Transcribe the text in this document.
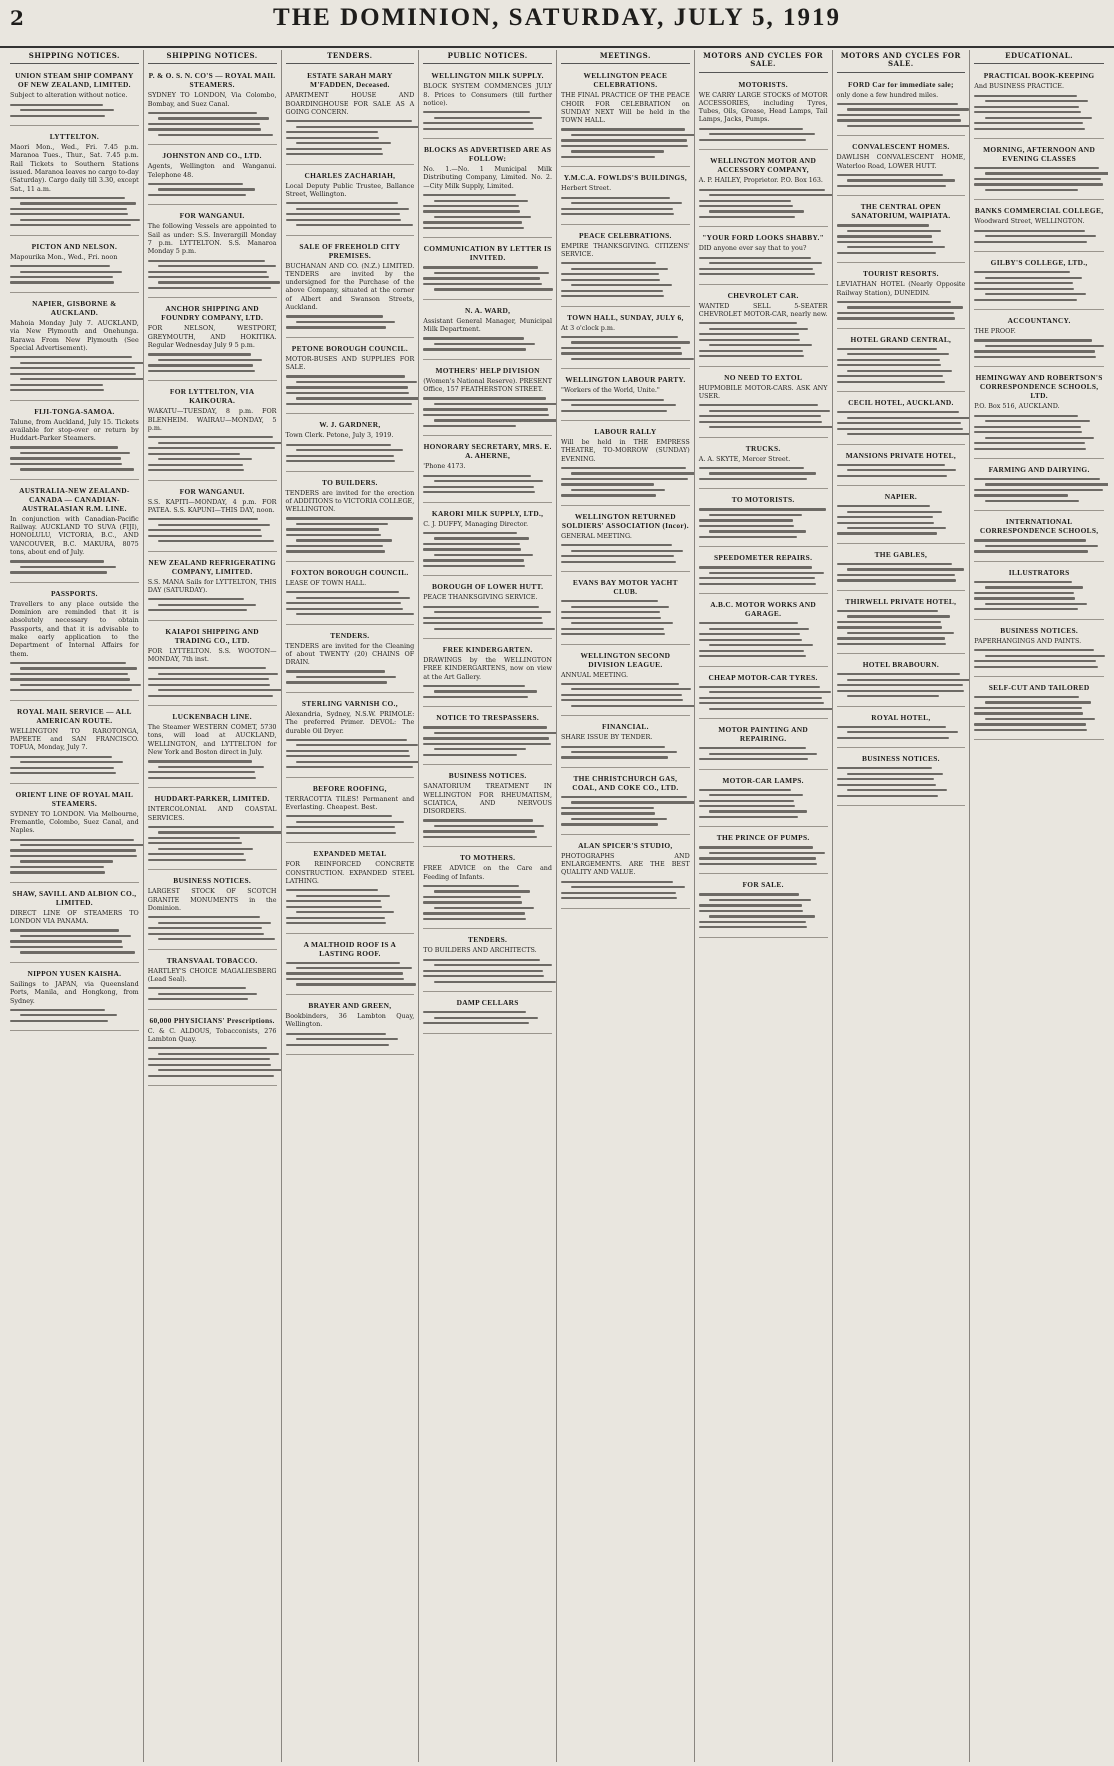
2	THE DOMINION, SATURDAY, JULY 5, 1919
SHIPPING NOTICES.
UNION STEAM SHIP COMPANY OF NEW ZEALAND, LIMITED.

Subject to alteration without notice.

LYTTELTON.

Maori Mon., Wed., Fri. 7.45 p.m. Maranoa Tues., Thur., Sat. 7.45 p.m. Rail Tickets to Southern Stations issued. Maranoa leaves no cargo to-day (Saturday). Cargo daily till 3.30, except Sat., 11 a.m.

PICTON AND NELSON.

Mapourika Mon., Wed., Fri. noon

NAPIER, GISBORNE & AUCKLAND.

Mahoia Monday July 7. AUCKLAND, via New Plymouth and Onehunga. Rarawa From New Plymouth (See Special Advertisement).

FIJI-TONGA-SAMOA.

Talune, from Auckland, July 15. Tickets available for stop-over or return by Huddart-Parker Steamers.

AUSTRALIA-NEW ZEALAND-CANADA — CANADIAN-AUSTRALASIAN R.M. LINE.

In conjunction with Canadian-Pacific Railway. AUCKLAND TO SUVA (FIJI), HONOLULU, VICTORIA, B.C., AND VANCOUVER, B.C. MAKURA, 8075 tons, about end of July.

PASSPORTS.

Travellers to any place outside the Dominion are reminded that it is absolutely necessary to obtain Passports, and that it is advisable to make early application to the Department of Internal Affairs for them.

ROYAL MAIL SERVICE — ALL AMERICAN ROUTE.

WELLINGTON TO RAROTONGA, PAPEETE and SAN FRANCISCO. TOFUA, Monday, July 7.

ORIENT LINE OF ROYAL MAIL STEAMERS.

SYDNEY TO LONDON. Via Melbourne, Fremantle, Colombo, Suez Canal, and Naples.

SHAW, SAVILL AND ALBION CO., LIMITED.

DIRECT LINE OF STEAMERS TO LONDON VIA PANAMA.

NIPPON YUSEN KAISHA.

Sailings to JAPAN, via Queensland Ports, Manila, and Hongkong, from Sydney.

SHIPPING NOTICES.
P. & O. S. N. CO'S — ROYAL MAIL STEAMERS.

SYDNEY TO LONDON, Via Colombo, Bombay, and Suez Canal.

JOHNSTON AND CO., LTD.

Agents, Wellington and Wanganui. Telephone 48.

FOR WANGANUI.

The following Vessels are appointed to Sail as under: S.S. Inverargill Monday 7 p.m. LYTTELTON. S.S. Manaroa Monday 5 p.m.

ANCHOR SHIPPING AND FOUNDRY COMPANY, LTD.

FOR NELSON, WESTPORT, GREYMOUTH, AND HOKITIKA. Regular Wednesday July 9 5 p.m.

FOR LYTTELTON, VIA KAIKOURA.

WAKATU—TUESDAY, 8 p.m. FOR BLENHEIM. WAIRAU—MONDAY, 5 p.m.

FOR WANGANUI.

S.S. KAPITI—MONDAY, 4 p.m. FOR PATEA. S.S. KAPUNI—THIS DAY, noon.

NEW ZEALAND REFRIGERATING COMPANY, LIMITED.

S.S. MANA Sails for LYTTELTON, THIS DAY (SATURDAY).

KAIAPOI SHIPPING AND TRADING CO., LTD.

FOR LYTTELTON. S.S. WOOTON—MONDAY, 7th inst.

LUCKENBACH LINE.

The Steamer WESTERN COMET, 5730 tons, will load at AUCKLAND, WELLINGTON, and LYTTELTON for New York and Boston direct in July.

HUDDART-PARKER, LIMITED.

INTERCOLONIAL AND COASTAL SERVICES.

BUSINESS NOTICES.

LARGEST STOCK OF SCOTCH GRANITE MONUMENTS in the Dominion.

TRANSVAAL TOBACCO.

HARTLEY'S CHOICE MAGALIESBERG (Lead Seal).

60,000 PHYSICIANS' Prescriptions.

C. & C. ALDOUS, Tobacconists, 276 Lambton Quay.

TENDERS.
ESTATE SARAH MARY M'FADDEN, Deceased.

APARTMENT HOUSE AND BOARDINGHOUSE FOR SALE AS A GOING CONCERN.

CHARLES ZACHARIAH,

Local Deputy Public Trustee, Ballance Street, Wellington.

SALE OF FREEHOLD CITY PREMISES.

BUCHANAN AND CO. (N.Z.) LIMITED. TENDERS are invited by the undersigned for the Purchase of the above Company, situated at the corner of Albert and Swanson Streets, Auckland.

PETONE BOROUGH COUNCIL.

MOTOR-BUSES AND SUPPLIES FOR SALE.

W. J. GARDNER,

Town Clerk. Petone, July 3, 1919.

TO BUILDERS.

TENDERS are invited for the erection of ADDITIONS to VICTORIA COLLEGE, WELLINGTON.

FOXTON BOROUGH COUNCIL.

LEASE OF TOWN HALL.

TENDERS.

TENDERS are invited for the Cleaning of about TWENTY (20) CHAINS OF DRAIN.

STERLING VARNISH CO.,

Alexandria, Sydney, N.S.W. PRIMOLE: The preferred Primer. DEVOL: The durable Oil Dryer.

BEFORE ROOFING,

TERRACOTTA TILES! Permanent and Everlasting. Cheapest. Best.

EXPANDED METAL

FOR REINFORCED CONCRETE CONSTRUCTION. EXPANDED STEEL LATHING.

A MALTHOID ROOF IS A LASTING ROOF.
BRAYER AND GREEN,

Bookbinders, 36 Lambton Quay, Wellington.

PUBLIC NOTICES.
WELLINGTON MILK SUPPLY.

BLOCK SYSTEM COMMENCES JULY 8. Prices to Consumers (till further notice).

BLOCKS AS ADVERTISED ARE AS FOLLOW:

No. 1.—No. 1 Municipal Milk Distributing Company, Limited. No. 2.—City Milk Supply, Limited.

COMMUNICATION BY LETTER IS INVITED.
N. A. WARD,

Assistant General Manager, Municipal Milk Department.

MOTHERS' HELP DIVISION

(Women's National Reserve). PRESENT Office, 157 FEATHERSTON STREET.

HONORARY SECRETARY, MRS. E. A. AHERNE,

'Phone 4173.

KARORI MILK SUPPLY, LTD.,

C. J. DUFFY, Managing Director.

BOROUGH OF LOWER HUTT.

PEACE THANKSGIVING SERVICE.

FREE KINDERGARTEN.

DRAWINGS by the WELLINGTON FREE KINDERGARTENS, now on view at the Art Gallery.

NOTICE TO TRESPASSERS.
BUSINESS NOTICES.

SANATORIUM TREATMENT IN WELLINGTON FOR RHEUMATISM, SCIATICA, AND NERVOUS DISORDERS.

TO MOTHERS.

FREE ADVICE on the Care and Feeding of Infants.

TENDERS.

TO BUILDERS AND ARCHITECTS.

DAMP CELLARS
MEETINGS.
WELLINGTON PEACE CELEBRATIONS.

THE FINAL PRACTICE OF THE PEACE CHOIR FOR CELEBRATION on SUNDAY NEXT Will be held in the TOWN HALL.

Y.M.C.A. FOWLDS'S BUILDINGS,

Herbert Street.

PEACE CELEBRATIONS.

EMPIRE THANKSGIVING. CITIZENS' SERVICE.

TOWN HALL, SUNDAY, JULY 6,

At 3 o'clock p.m.

WELLINGTON LABOUR PARTY.

"Workers of the World, Unite."

LABOUR RALLY

Will be held in THE EMPRESS THEATRE, TO-MORROW (SUNDAY) EVENING.

WELLINGTON RETURNED SOLDIERS' ASSOCIATION (Incor).

GENERAL MEETING.

EVANS BAY MOTOR YACHT CLUB.
WELLINGTON SECOND DIVISION LEAGUE.

ANNUAL MEETING.

FINANCIAL.

SHARE ISSUE BY TENDER.

THE CHRISTCHURCH GAS, COAL, AND COKE CO., LTD.
ALAN SPICER'S STUDIO,

PHOTOGRAPHS AND ENLARGEMENTS. ARE THE BEST QUALITY AND VALUE.

MOTORS AND CYCLES FOR SALE.
MOTORISTS.

WE CARRY LARGE STOCKS of MOTOR ACCESSORIES, including Tyres, Tubes, Oils, Grease, Head Lamps, Tail Lamps, Jacks, Pumps.

WELLINGTON MOTOR AND ACCESSORY COMPANY,

A. P. HAILEY, Proprietor. P.O. Box 163.

"YOUR FORD LOOKS SHABBY."

DID anyone ever say that to you?

CHEVROLET CAR.

WANTED SELL 5-SEATER CHEVROLET MOTOR-CAR, nearly new.

NO NEED TO EXTOL

HUPMOBILE MOTOR-CARS. ASK ANY USER.

TRUCKS.

A. A. SKYTE, Mercer Street.

TO MOTORISTS.
SPEEDOMETER REPAIRS.
A.B.C. MOTOR WORKS AND GARAGE.
CHEAP MOTOR-CAR TYRES.
MOTOR PAINTING AND REPAIRING.
MOTOR-CAR LAMPS.
THE PRINCE OF PUMPS.
FOR SALE.
MOTORS AND CYCLES FOR SALE.
FORD Car for immediate sale;

only done a few hundred miles.

CONVALESCENT HOMES.

DAWLISH CONVALESCENT HOME, Waterloo Road, LOWER HUTT.

THE CENTRAL OPEN SANATORIUM, WAIPIATA.
TOURIST RESORTS.

LEVIATHAN HOTEL (Nearly Opposite Railway Station), DUNEDIN.

HOTEL GRAND CENTRAL,
CECIL HOTEL, AUCKLAND.
MANSIONS PRIVATE HOTEL,
NAPIER.
THE GABLES,
THIRWELL PRIVATE HOTEL,
HOTEL BRABOURN.
ROYAL HOTEL,
BUSINESS NOTICES.
EDUCATIONAL.
PRACTICAL BOOK-KEEPING

And BUSINESS PRACTICE.

MORNING, AFTERNOON AND EVENING CLASSES
BANKS COMMERCIAL COLLEGE,

Woodward Street, WELLINGTON.

GILBY'S COLLEGE, LTD.,
ACCOUNTANCY.

THE PROOF.

HEMINGWAY AND ROBERTSON'S CORRESPONDENCE SCHOOLS, LTD.

P.O. Box 516, AUCKLAND.

FARMING AND DAIRYING.
INTERNATIONAL CORRESPONDENCE SCHOOLS,
ILLUSTRATORS
BUSINESS NOTICES.

PAPERHANGINGS AND PAINTS.

SELF-CUT AND TAILORED
